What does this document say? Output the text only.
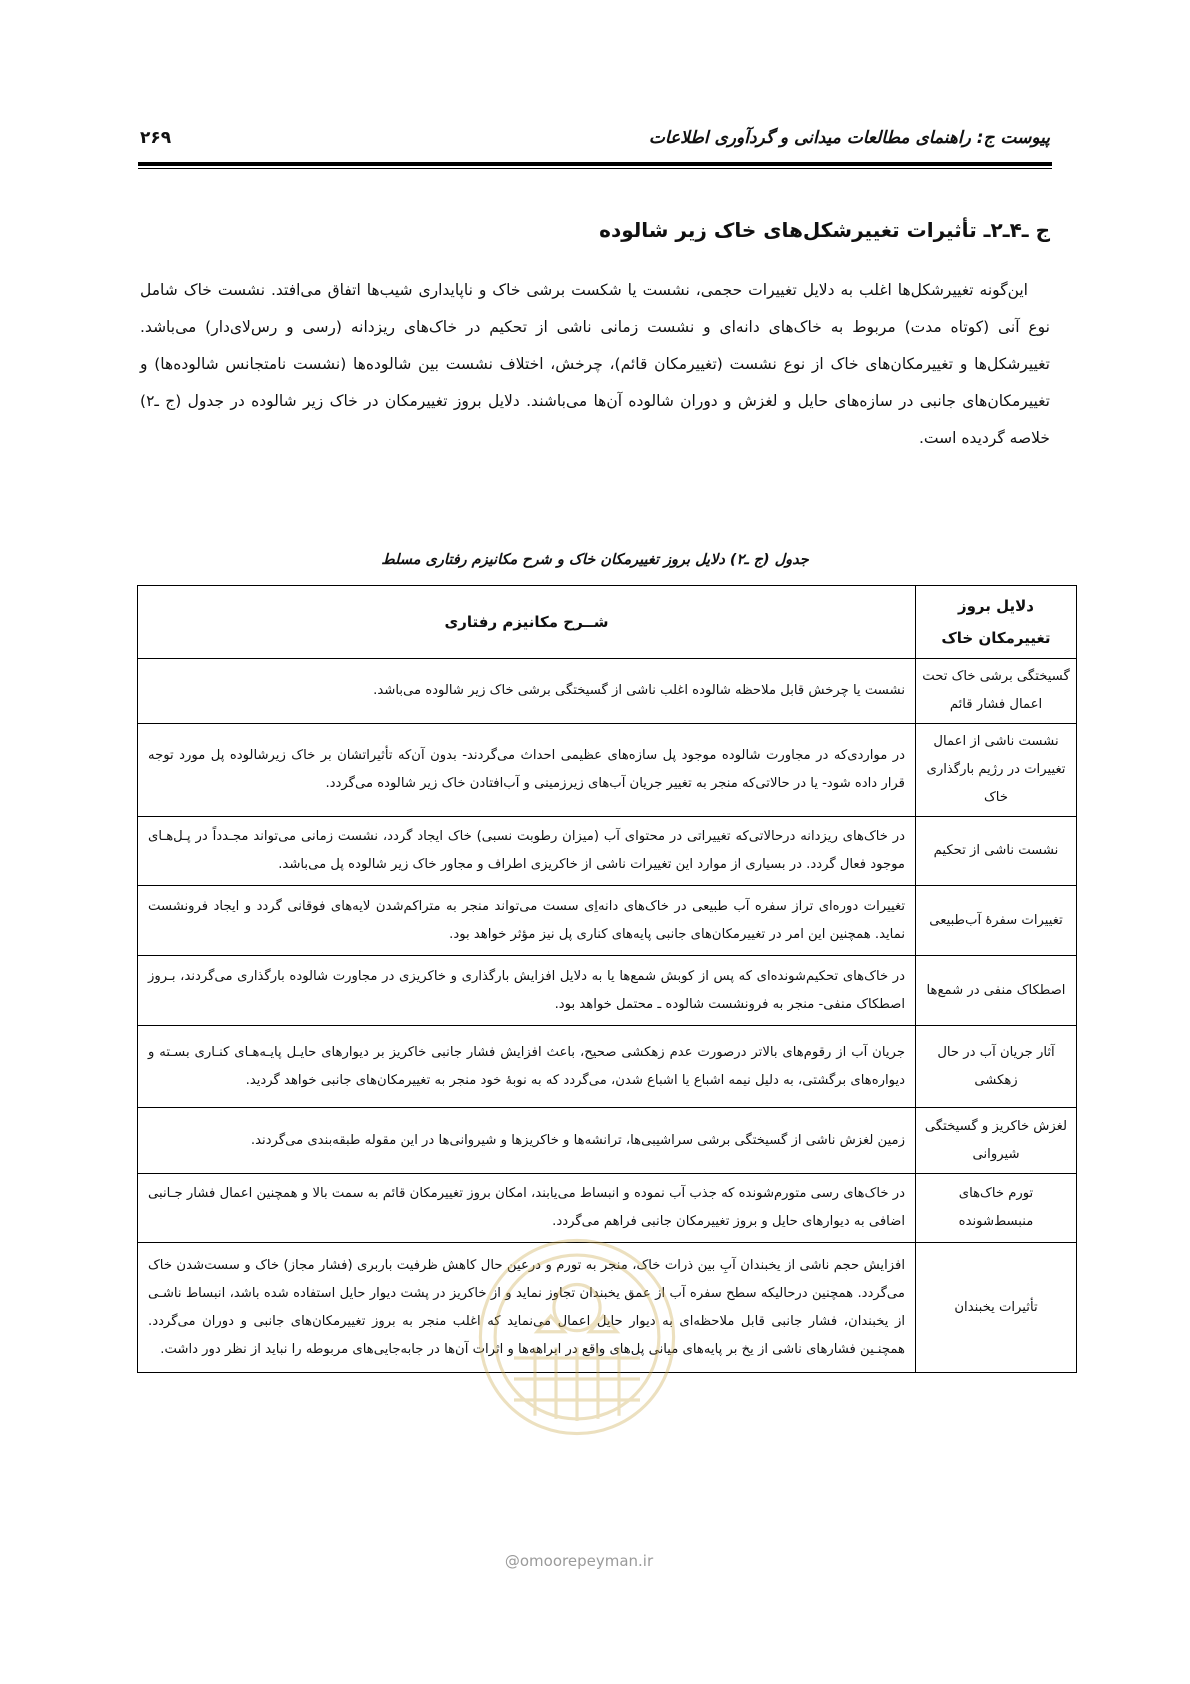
پیوست ج: راهنمای مطالعات میدانی و گردآوری اطلاعات
۲۶۹
ج ـ۴ـ۲ـ تأثیرات تغییرشکل‌های خاک زیر شالوده

این‌گونه تغییرشکل‌ها اغلب به دلایل تغییرات حجمی، نشست یا شکست برشی خاک و ناپایداری شیب‌ها اتفاق می‌افتد. نشست خاک شامل نوع آنی (کوتاه مدت) مربوط به خاک‌های دانه‌ای و نشست زمانی ناشی از تحکیم در خاک‌های ریزدانه (رسی و رس‌لای‌دار) می‌باشد. تغییرشکل‌ها و تغییرمکان‌های خاک از نوع نشست (تغییرمکان قائم)، چرخش، اختلاف نشست بین شالوده‌ها (نشست نامتجانس شالوده‌ها) و تغییرمکان‌های جانبی در سازه‌های حایل و لغزش و دوران شالوده آن‌ها می‌باشند. دلایل بروز تغییرمکان در خاک زیر شالوده در جدول (ج ـ۲) خلاصه گردیده است.

جدول (ج ـ۲) دلایل بروز تغییرمکان خاک و شرح مکانیزم رفتاری مسلط
دلایل بروز
تغییرمکان خاک	شــرح مکانیزم رفتاری
گسیختگی برشی خاک تحت اعمال فشار قائم	نشست یا چرخش قابل ملاحظه شالوده اغلب ناشی از گسیختگی برشی خاک زیر شالوده می‌باشد.
نشست ناشی از اعمال تغییرات در رژیم بارگذاری خاک	در مواردی‌که در مجاورت شالوده موجود پل سازه‌های عظیمی احداث می‌گردند- بدون آن‌که تأثیراتشان بر خاک زیرشالوده پل مورد توجه قرار داده شود- یا در حالاتی‌که منجر به تغییر جریان آب‌های زیرزمینی و آب‌افتادن خاک زیر شالوده می‌گردد.
نشست ناشی از تحکیم	در خاک‌های ریزدانه درحالاتی‌که تغییراتی در محتوای آب (میزان رطوبت نسبی) خاک ایجاد گردد، نشست زمانی می‌تواند مجـدداً در پـل‌هـای موجود فعال گردد. در بسیاری از موارد این تغییرات ناشی از خاکریزی اطراف و مجاور خاک زیر شالوده پل می‌باشد.
تغییرات سفرهٔ آب‌طبیعی	تغییرات دوره‌ای تراز سفره آب طبیعی در خاک‌های دانه‌اِی سست می‌تواند منجر به متراکم‌شدن لایه‌های فوقانی گردد و ایجاد فرونشست نماید. همچنین این امر در تغییرمکان‌های جانبی پایه‌های کناری پل نیز مؤثر خواهد بود.
اصطکاک منفی در شمع‌ها	در خاک‌های تحکیم‌شونده‌ای که پس از کوبش شمع‌ها یا به دلایل افزایش بارگذاری و خاکریزی در مجاورت شالوده بارگذاری می‌گردند، بـروز اصطکاک منفی- منجر به فرونشست شالوده ـ محتمل خواهد بود.
آثار جریان آب در حال زهکشی	جریان آب از رقوم‌های بالاتر درصورت عدم زهکشی صحیح، باعث افزایش فشار جانبی خاکریز بر دیوارهای حایـل پایـه‌هـای کنـاری بسـته و دیواره‌های برگشتی، به دلیل نیمه اشباع یا اشباع شدن، می‌گردد که به نوبهٔ خود منجر به تغییرمکان‌های جانبی خواهد گردید.
لغزش خاکریز و گسیختگی شیروانی	زمین لغزش ناشی از گسیختگی برشی سراشیبی‌ها، ترانشه‌ها و خاکریزها و شیروانی‌ها در این مقوله طبقه‌بندی می‌گردند.
تورم خاک‌های منبسط‌شونده	در خاک‌های رسی متورم‌شونده که جذب آب نموده و انبساط می‌یابند، امکان بروز تغییرمکان قائم به سمت بالا و همچنین اعمال فشار جـانبی اضافی به دیوارهای حایل و بروز تغییرمکان جانبی فراهم می‌گردد.
تأثیرات یخبندان	افزایش حجم ناشی از یخبندان آبِ بین ذرات خاک، منجر به تورم و درعین حال کاهش ظرفیت باربری (فشار مجاز) خاک و سست‌شدن خاک می‌گردد. همچنین درحالیکه سطح سفره آب از عمق یخبندان تجاوز نماید و از خاکریز در پشت دیوار حایل استفاده شده باشد، انبساط ناشـی از یخبندان، فشار جانبی قابل ملاحظه‌ای به دیوار حایل اعمال می‌نماید که اغلب منجر به بروز تغییرمکان‌های جانبی و دوران می‌گردد. همچنـین فشارهای ناشی از یخ بر پایه‌های میانی پل‌های واقع در ابراهه‌ها و اثرات آن‌ها در جابه‌جایی‌های مربوطه را نباید از نظر دور داشت.
@omoorepeyman.ir
